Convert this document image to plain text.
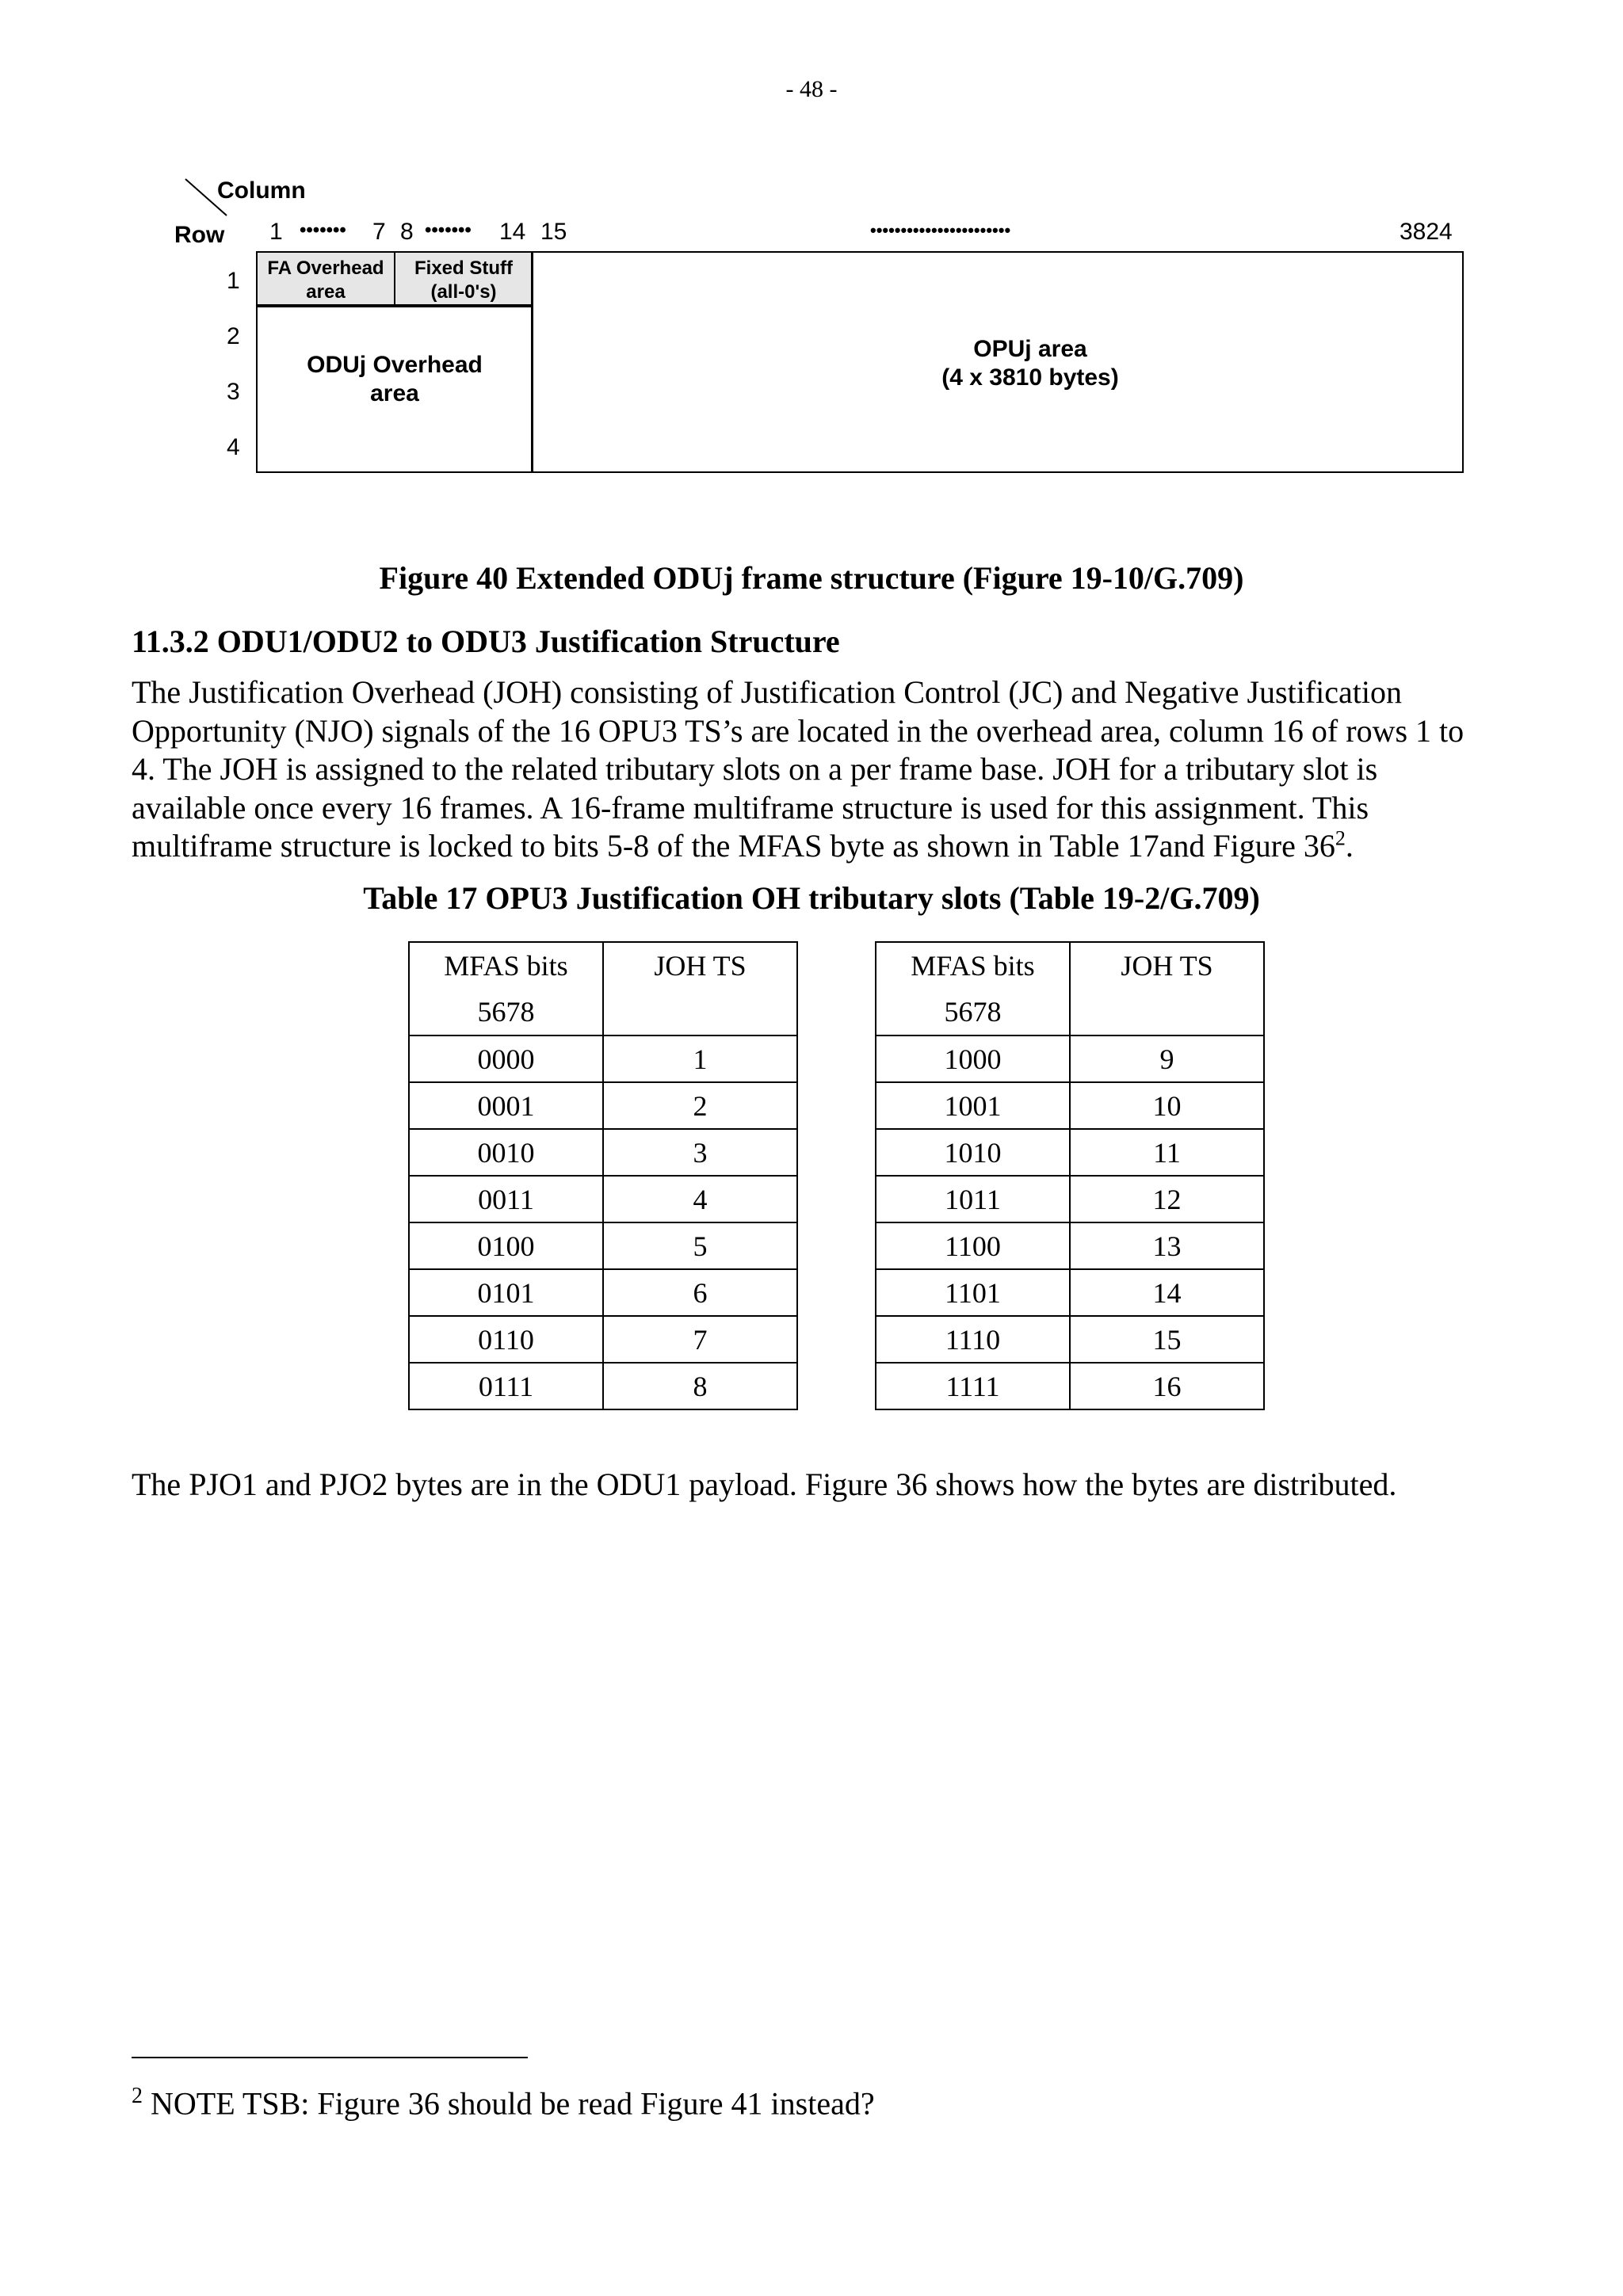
- 48 -
Column
Row 1 ••••••• 7 8 ••••••• 14 15	•••••••••••••••••••••••	3824
1
2
3
4
FA Overhead
area
Fixed Stuff
(all-0's)
ODUj Overhead
area
OPUj area
(4 x 3810 bytes)
Figure 40 Extended ODUj frame structure (Figure 19-10/G.709)
11.3.2 ODU1/ODU2 to ODU3 Justification Structure
The Justification Overhead (JOH) consisting of Justification Control (JC) and Negative Justification Opportunity (NJO) signals of the 16 OPU3 TS’s are located in the overhead area, column 16 of rows 1 to 4. The JOH is assigned to the related tributary slots on a per frame base. JOH for a tributary slot is available once every 16 frames. A 16-frame multiframe structure is used for this assignment. This multiframe structure is locked to bits 5-8 of the MFAS byte as shown in Table 17and Figure $36^2$.
Table 17 OPU3 Justification OH tributary slots (Table 19-2/G.709)
MFAS bits
5678	JOH TS
0000	1
0001	2
0010	3
0011	4
0100	5
0101	6
0110	7
0111	8
MFAS bits
5678	JOH TS
1000	9
1001	10
1010	11
1011	12
1100	13
1101	14
1110	15
1111	16
The PJO1 and PJO2 bytes are in the ODU1 payload. Figure 36 shows how the bytes are distributed.
$^2$ NOTE TSB: Figure 36 should be read Figure 41 instead?
